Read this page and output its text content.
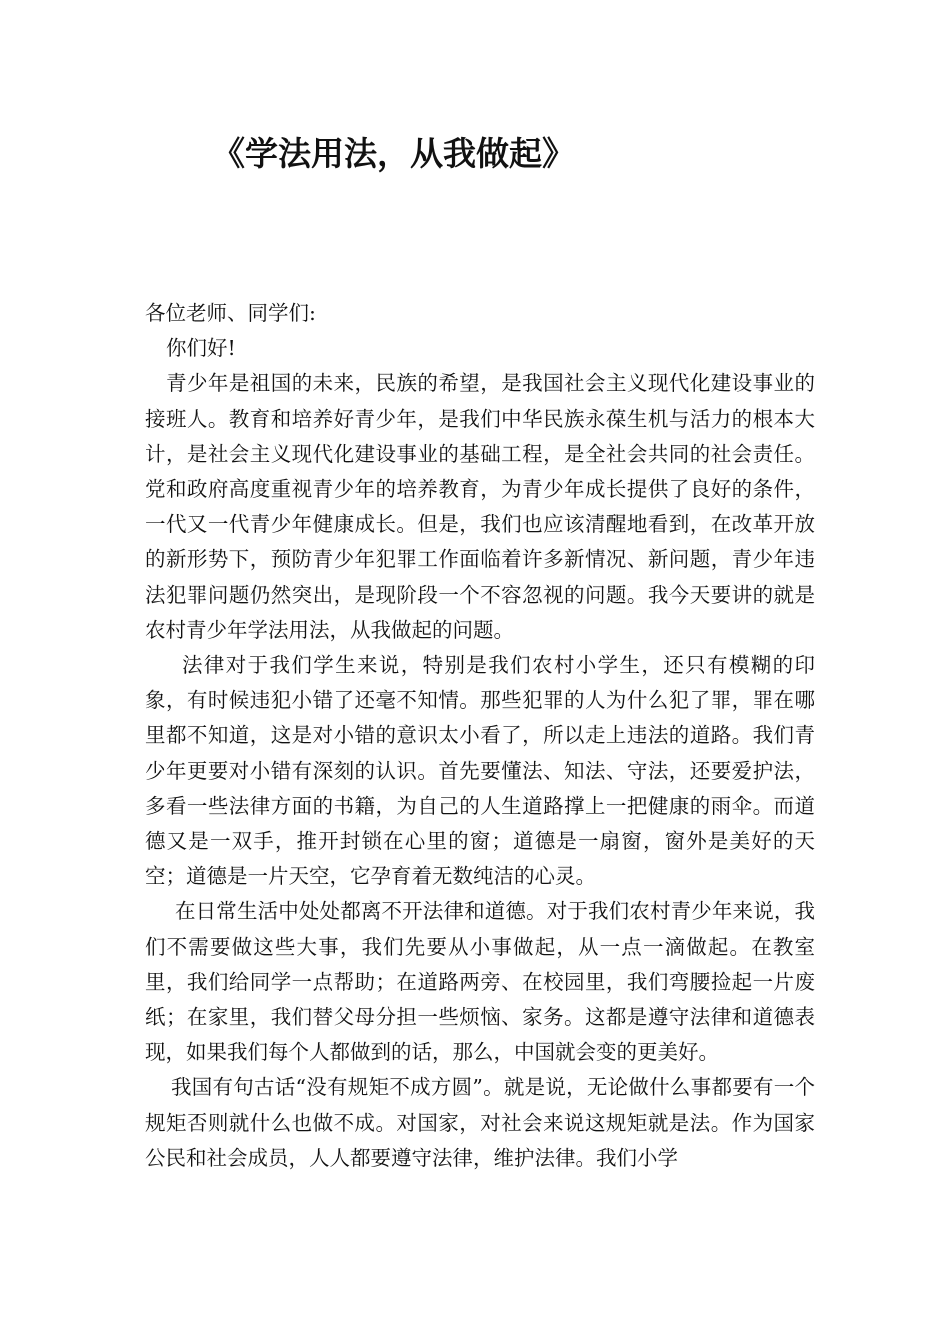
《学法用法，从我做起》

各位老师、同学们:

你们好!

青少年是祖国的未来，民族的希望，是我国社会主义现代化建设事业的接班人。教育和培养好青少年，是我们中华民族永葆生机与活力的根本大计，是社会主义现代化建设事业的基础工程，是全社会共同的社会责任。党和政府高度重视青少年的培养教育，为青少年成长提供了良好的条件，一代又一代青少年健康成长。但是，我们也应该清醒地看到，在改革开放的新形势下，预防青少年犯罪工作面临着许多新情况、新问题，青少年违法犯罪问题仍然突出，是现阶段一个不容忽视的问题。我今天要讲的就是农村青少年学法用法，从我做起的问题。

法律对于我们学生来说，特别是我们农村小学生，还只有模糊的印象，有时候违犯小错了还毫不知情。那些犯罪的人为什么犯了罪，罪在哪里都不知道，这是对小错的意识太小看了，所以走上违法的道路。我们青少年更要对小错有深刻的认识。首先要懂法、知法、守法，还要爱护法，多看一些法律方面的书籍，为自己的人生道路撑上一把健康的雨伞。而道德又是一双手，推开封锁在心里的窗；道德是一扇窗，窗外是美好的天空；道德是一片天空，它孕育着无数纯洁的心灵。

在日常生活中处处都离不开法律和道德。对于我们农村青少年来说，我们不需要做这些大事，我们先要从小事做起，从一点一滴做起。在教室里，我们给同学一点帮助；在道路两旁、在校园里，我们弯腰捡起一片废纸；在家里，我们替父母分担一些烦恼、家务。这都是遵守法律和道德表现，如果我们每个人都做到的话，那么，中国就会变的更美好。

我国有句古话“没有规矩不成方圆”。就是说，无论做什么事都要有一个规矩否则就什么也做不成。对国家，对社会来说这规矩就是法。作为国家公民和社会成员，人人都要遵守法律，维护法律。我们小学
